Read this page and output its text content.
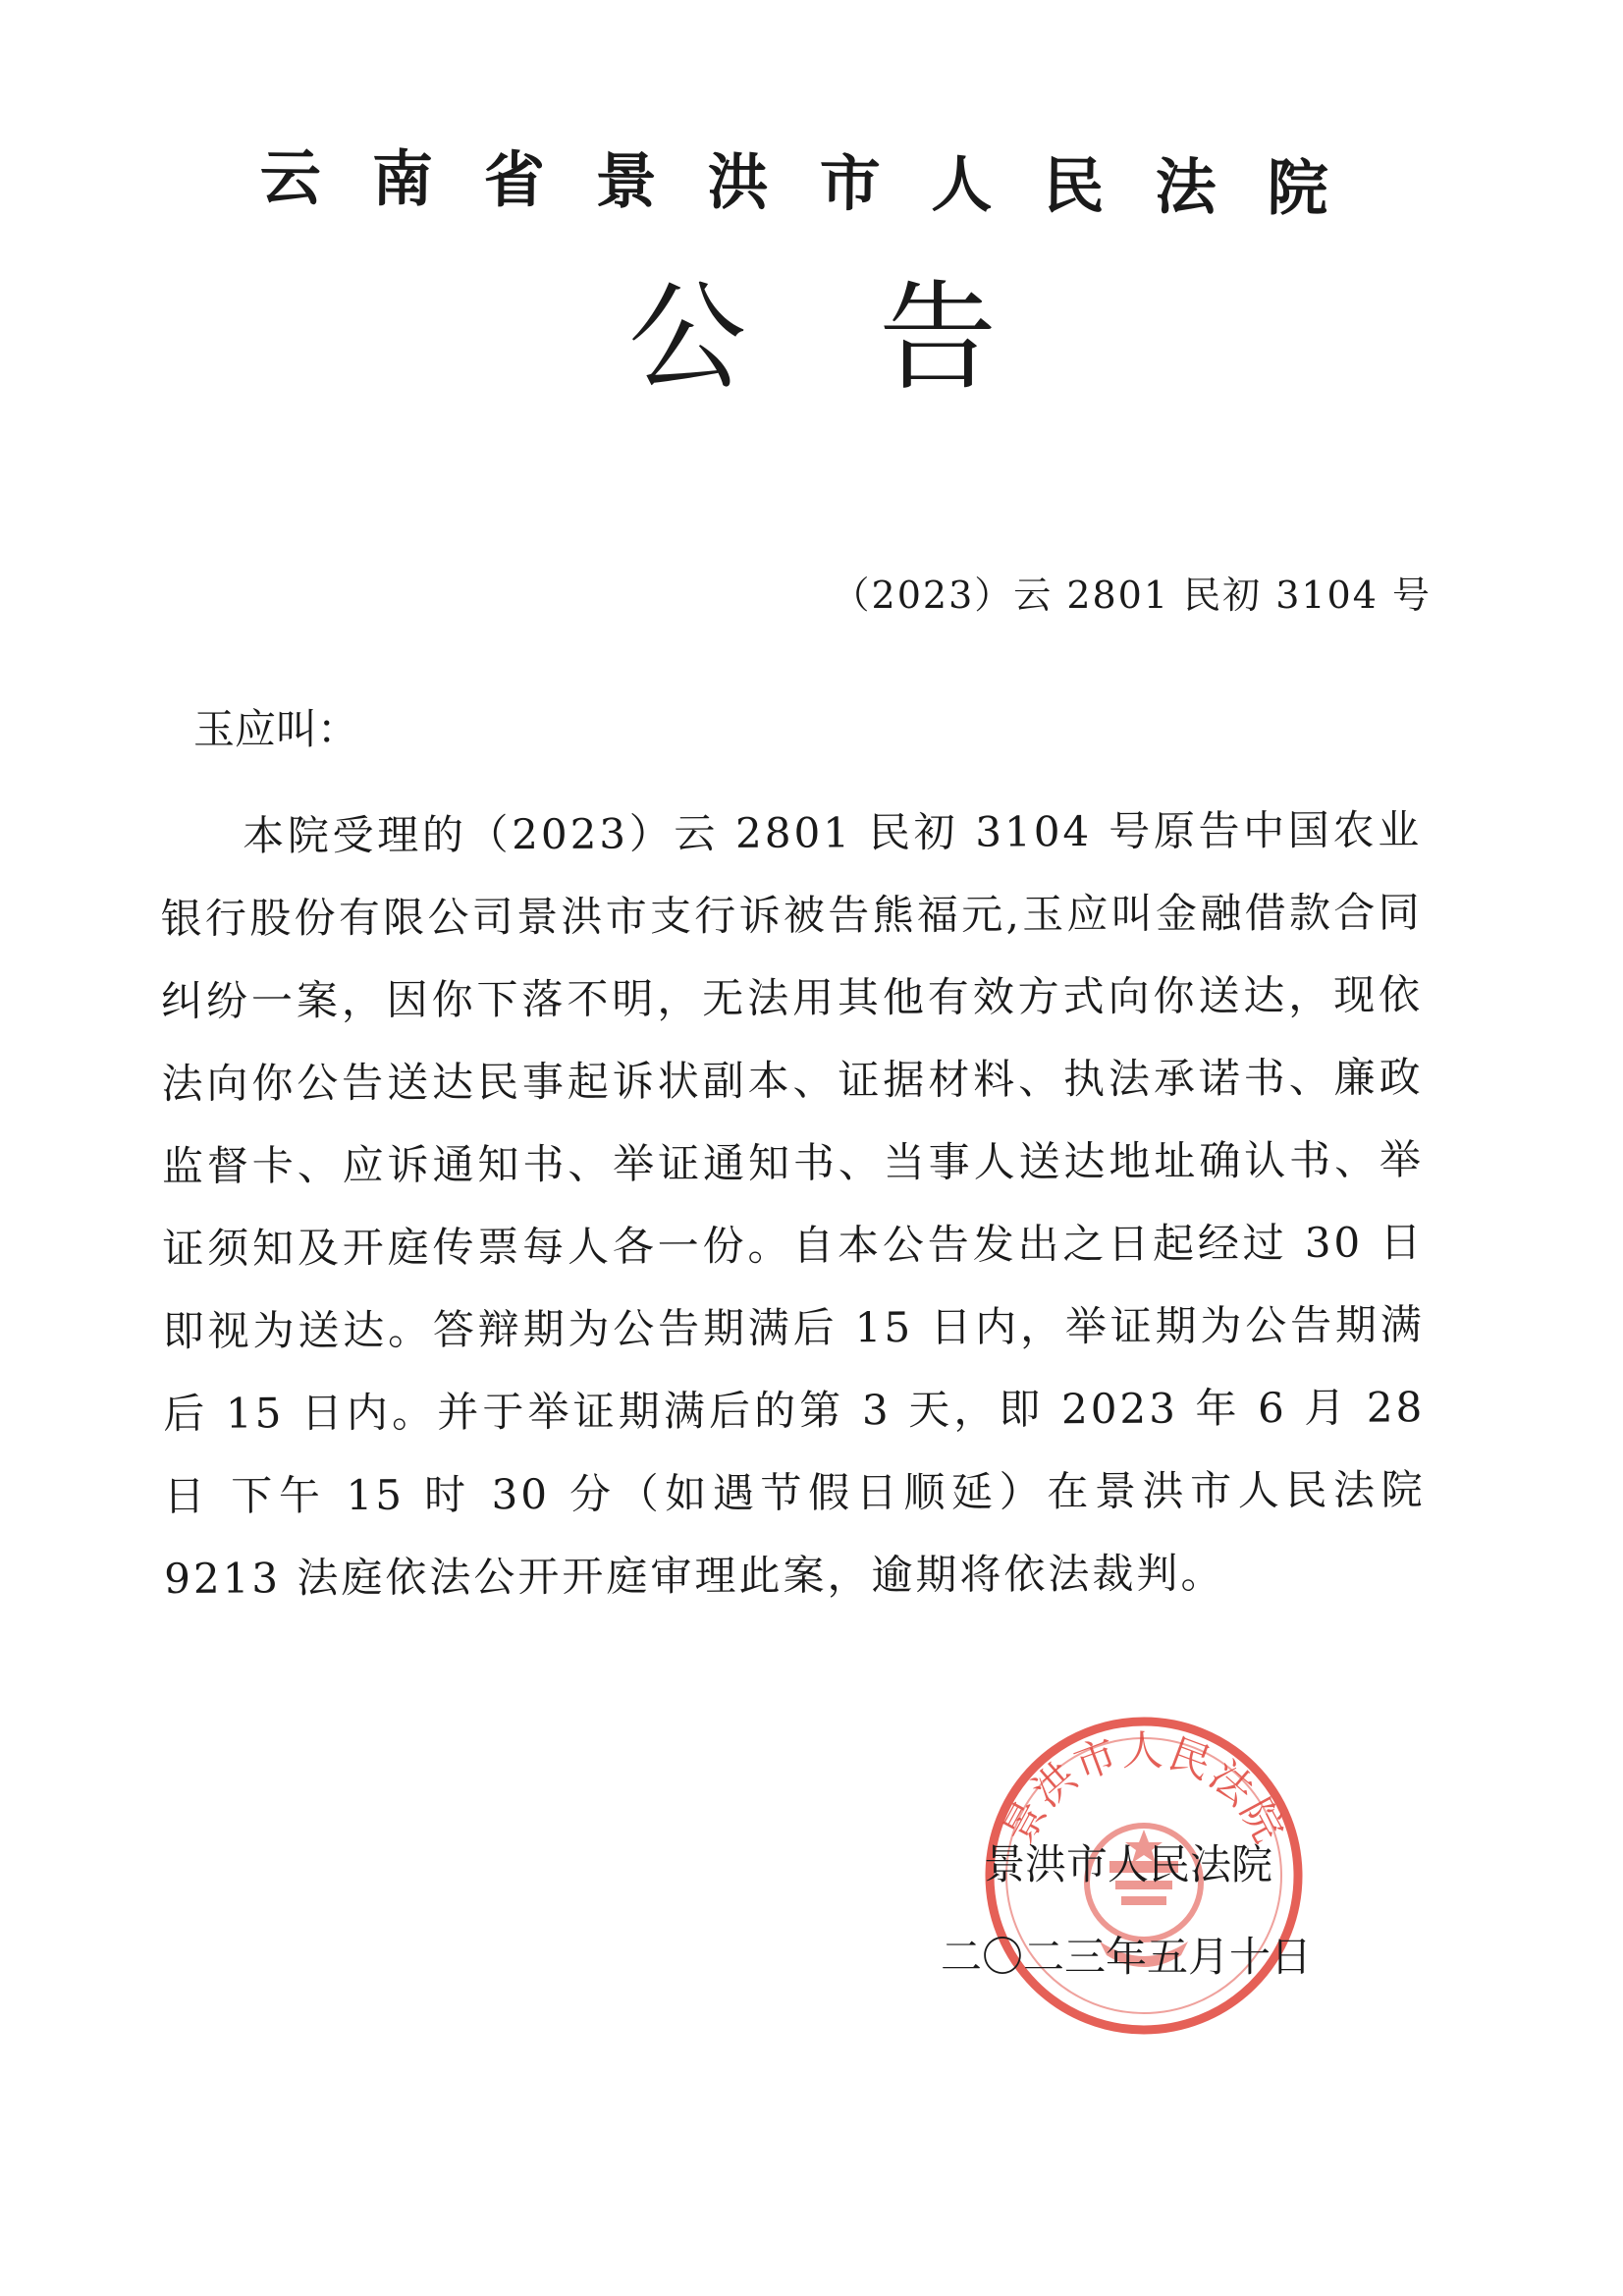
云南省景洪市人民法院
公告
（2023）云 2801 民初 3104 号
玉应叫：

本院受理的（2023）云 2801 民初 3104 号原告中国农业银行股份有限公司景洪市支行诉被告熊福元,玉应叫金融借款合同纠纷一案，因你下落不明，无法用其他有效方式向你送达，现依法向你公告送达民事起诉状副本、证据材料、执法承诺书、廉政监督卡、应诉通知书、举证通知书、当事人送达地址确认书、举证须知及开庭传票每人各一份。自本公告发出之日起经过 30 日即视为送达。答辩期为公告期满后 15 日内，举证期为公告期满后 15 日内。并于举证期满后的第 3 天，即 2023 年 6 月 28 日 下午 15 时 30 分（如遇节假日顺延）在景洪市人民法院 9213 法庭依法公开开庭审理此案，逾期将依法裁判。

景洪市人民法院
景洪市人民法院
二〇二三年五月十日
